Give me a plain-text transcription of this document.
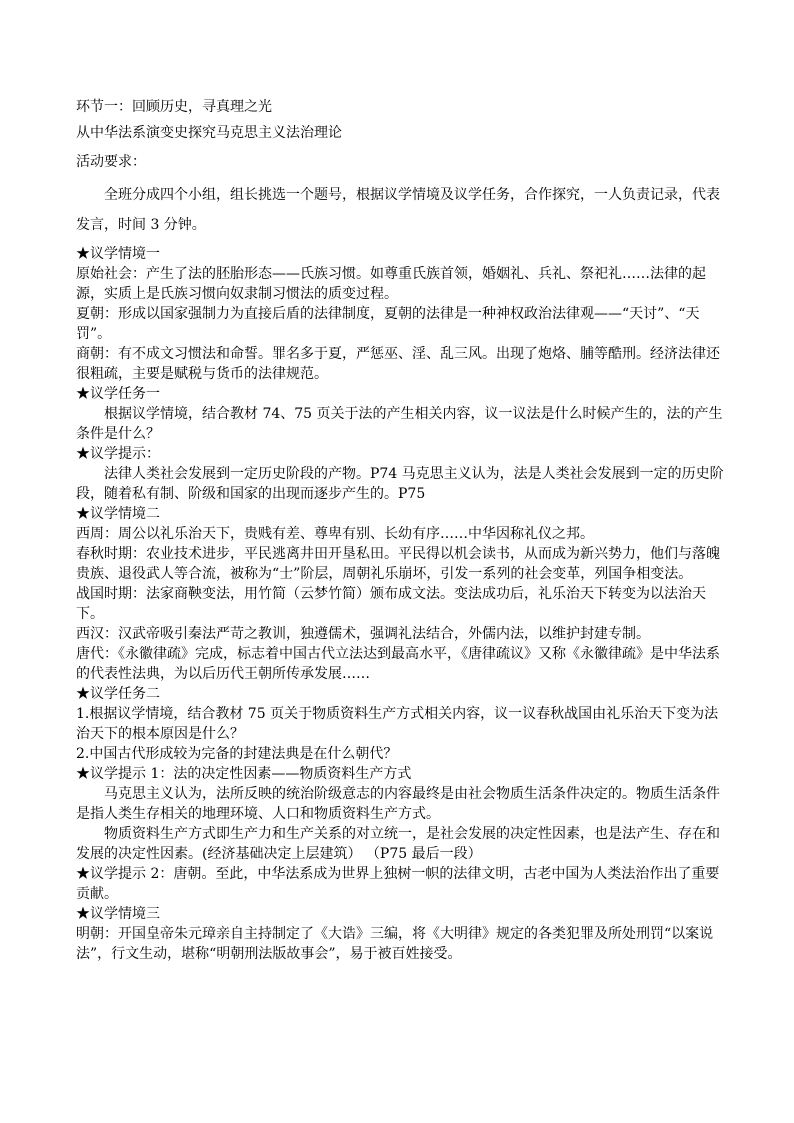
环节一：回顾历史，寻真理之光

从中华法系演变史探究马克思主义法治理论

活动要求：

全班分成四个小组，组长挑选一个题号，根据议学情境及议学任务，合作探究，一人负责记录，代表发言，时间 3 分钟。

★议学情境一

原始社会：产生了法的胚胎形态——氏族习惯。如尊重氏族首领，婚姻礼、兵礼、祭祀礼……法律的起源，实质上是氏族习惯向奴隶制习惯法的质变过程。

夏朝：形成以国家强制力为直接后盾的法律制度，夏朝的法律是一种神权政治法律观——“天讨”、“天罚”。

商朝：有不成文习惯法和命誓。罪名多于夏，严惩巫、淫、乱三风。出现了炮烙、脯等酷刑。经济法律还很粗疏，主要是赋税与货币的法律规范。

★议学任务一

根据议学情境，结合教材 74、75 页关于法的产生相关内容，议一议法是什么时候产生的，法的产生条件是什么？

★议学提示：

法律人类社会发展到一定历史阶段的产物。P74 马克思主义认为，法是人类社会发展到一定的历史阶段，随着私有制、阶级和国家的出现而逐步产生的。P75

★议学情境二

西周：周公以礼乐治天下，贵贱有差、尊卑有别、长幼有序……中华因称礼仪之邦。

春秋时期：农业技术进步，平民逃离井田开垦私田。平民得以机会读书，从而成为新兴势力，他们与落魄贵族、退役武人等合流，被称为“士”阶层，周朝礼乐崩坏，引发一系列的社会变革，列国争相变法。

战国时期：法家商鞅变法，用竹简（云梦竹简）颁布成文法。变法成功后，礼乐治天下转变为以法治天下。

西汉：汉武帝吸引秦法严苛之教训，独遵儒术，强调礼法结合，外儒内法，以维护封建专制。

唐代：《永徽律疏》完成，标志着中国古代立法达到最高水平，《唐律疏议》又称《永徽律疏》是中华法系的代表性法典，为以后历代王朝所传承发展……

★议学任务二

1.根据议学情境，结合教材 75 页关于物质资料生产方式相关内容，议一议春秋战国由礼乐治天下变为法治天下的根本原因是什么？

2.中国古代形成较为完备的封建法典是在什么朝代？

★议学提示 1：法的决定性因素——物质资料生产方式

马克思主义认为，法所反映的统治阶级意志的内容最终是由社会物质生活条件决定的。物质生活条件是指人类生存相关的地理环境、人口和物质资料生产方式。

物质资料生产方式即生产力和生产关系的对立统一，是社会发展的决定性因素，也是法产生、存在和发展的决定性因素。(经济基础决定上层建筑） （P75 最后一段）

★议学提示 2：唐朝。至此，中华法系成为世界上独树一帜的法律文明，古老中国为人类法治作出了重要贡献。

★议学情境三

明朝：开国皇帝朱元璋亲自主持制定了《大诰》三编，将《大明律》规定的各类犯罪及所处刑罚“以案说法”，行文生动，堪称“明朝刑法版故事会”，易于被百姓接受。
